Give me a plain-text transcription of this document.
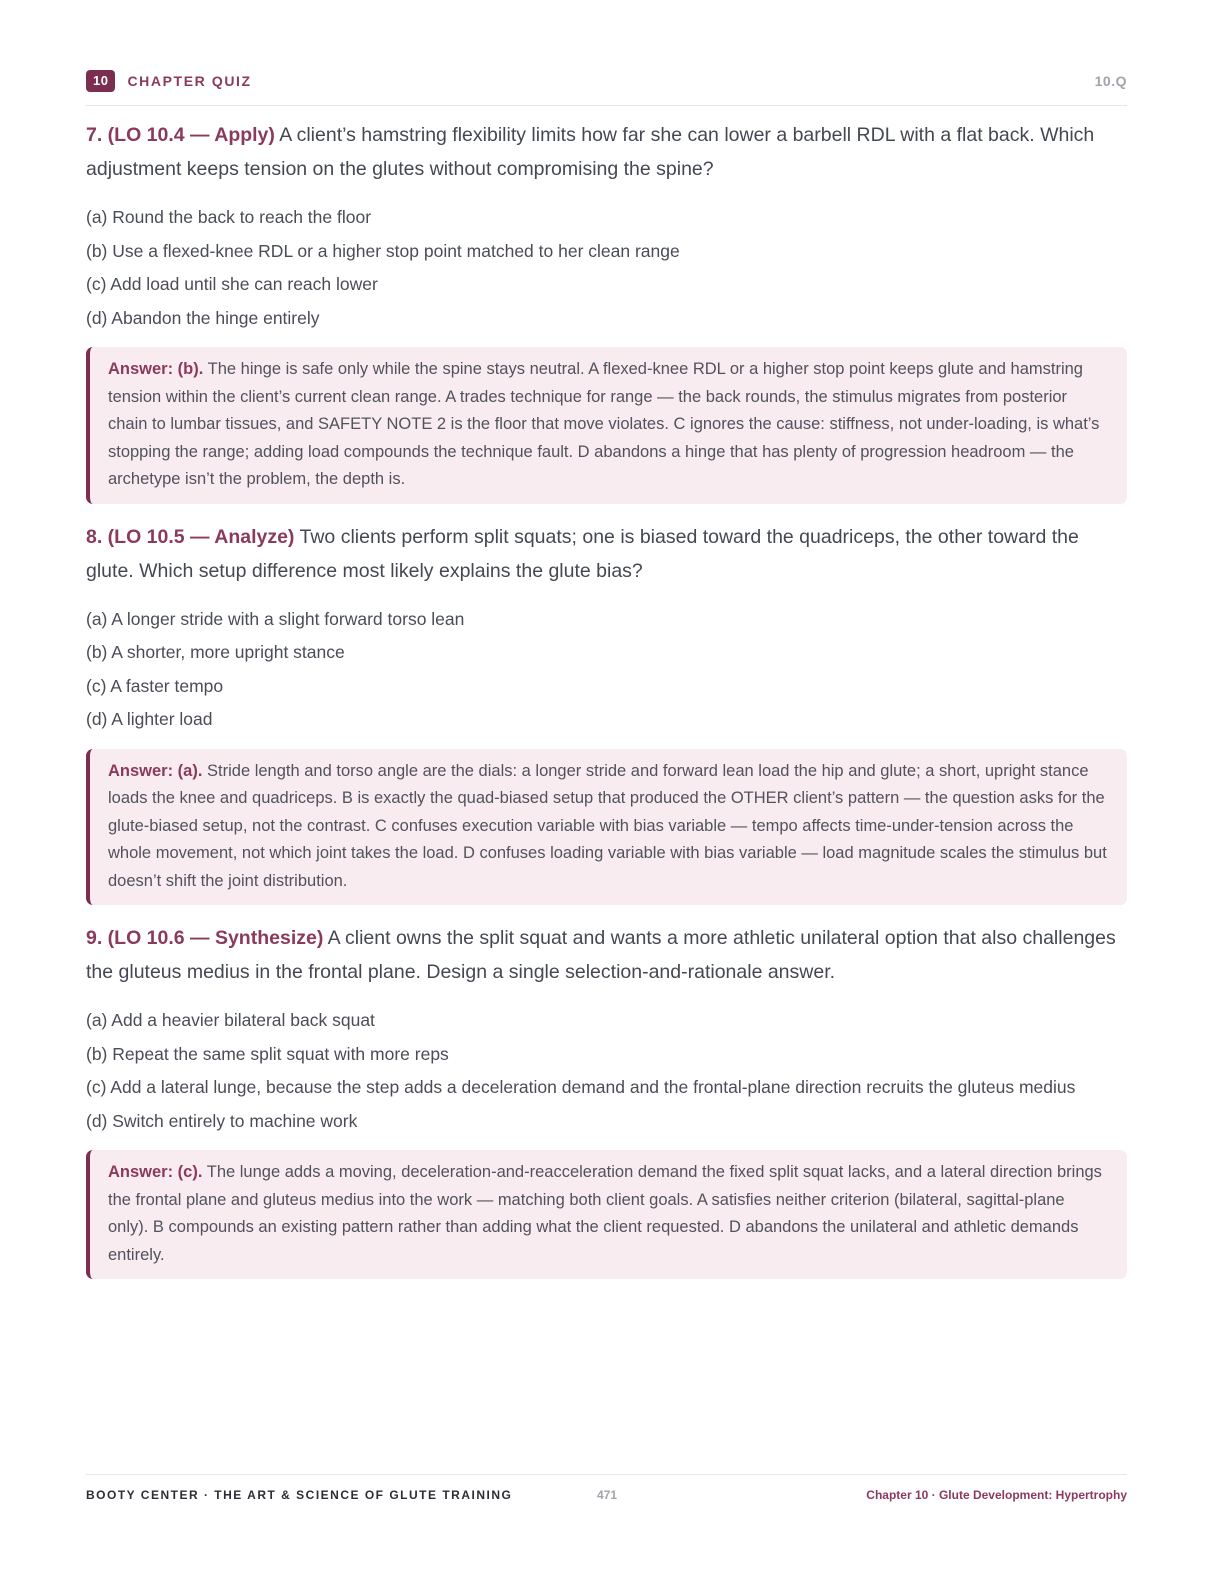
10	CHAPTER QUIZ	10.Q

7. (LO 10.4 — Apply) A client’s hamstring flexibility limits how far she can lower a barbell RDL with a flat back. Which adjustment keeps tension on the glutes without compromising the spine?

(a) Round the back to reach the floor
(b) Use a flexed-knee RDL or a higher stop point matched to her clean range
(c) Add load until she can reach lower
(d) Abandon the hinge entirely
Answer: (b). The hinge is safe only while the spine stays neutral. A flexed-knee RDL or a higher stop point keeps glute and hamstring tension within the client’s current clean range. A trades technique for range — the back rounds, the stimulus migrates from posterior chain to lumbar tissues, and SAFETY NOTE 2 is the floor that move violates. C ignores the cause: stiffness, not under-loading, is what’s stopping the range; adding load compounds the technique fault. D abandons a hinge that has plenty of progression headroom — the archetype isn’t the problem, the depth is.

8. (LO 10.5 — Analyze) Two clients perform split squats; one is biased toward the quadriceps, the other toward the glute. Which setup difference most likely explains the glute bias?

(a) A longer stride with a slight forward torso lean
(b) A shorter, more upright stance
(c) A faster tempo
(d) A lighter load
Answer: (a). Stride length and torso angle are the dials: a longer stride and forward lean load the hip and glute; a short, upright stance loads the knee and quadriceps. B is exactly the quad-biased setup that produced the OTHER client’s pattern — the question asks for the glute-biased setup, not the contrast. C confuses execution variable with bias variable — tempo affects time-under-tension across the whole movement, not which joint takes the load. D confuses loading variable with bias variable — load magnitude scales the stimulus but doesn’t shift the joint distribution.

9. (LO 10.6 — Synthesize) A client owns the split squat and wants a more athletic unilateral option that also challenges the gluteus medius in the frontal plane. Design a single selection-and-rationale answer.

(a) Add a heavier bilateral back squat
(b) Repeat the same split squat with more reps
(c) Add a lateral lunge, because the step adds a deceleration demand and the frontal-plane direction recruits the gluteus medius
(d) Switch entirely to machine work
Answer: (c). The lunge adds a moving, deceleration-and-reacceleration demand the fixed split squat lacks, and a lateral direction brings the frontal plane and gluteus medius into the work — matching both client goals. A satisfies neither criterion (bilateral, sagittal-plane only). B compounds an existing pattern rather than adding what the client requested. D abandons the unilateral and athletic demands entirely.
BOOTY CENTER · THE ART & SCIENCE OF GLUTE TRAINING	471	Chapter 10 · Glute Development: Hypertrophy
